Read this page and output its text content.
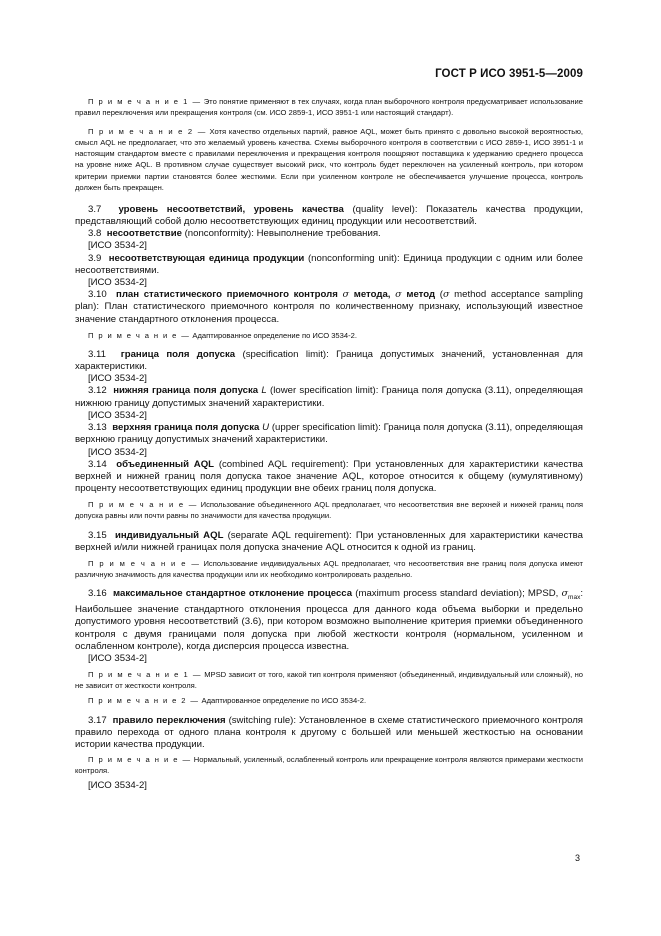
ГОСТ Р ИСО 3951-5—2009

П р и м е ч а н и е 1 — Это понятие применяют в тех случаях, когда план выборочного контроля предусматривает использование правил переключения или прекращения контроля (см. ИСО 2859-1, ИСО 3951-1 или настоящий стандарт).

П р и м е ч а н и е 2 — Хотя качество отдельных партий, равное AQL, может быть принято с довольно высокой вероятностью, смысл AQL не предполагает, что это желаемый уровень качества. Схемы выборочного контроля в соответствии с ИСО 2859-1, ИСО 3951-1 и настоящим стандартом вместе с правилами переключения и прекращения контроля поощряют поставщика к удержанию среднего процесса на уровне ниже AQL. В противном случае существует высокий риск, что контроль будет переключен на усиленный контроль, при котором критерии приемки партии становятся более жесткими. Если при усиленном контроле не обеспечивается улучшение процесса, контроль должен быть прекращен.

3.7 уровень несоответствий, уровень качества (quality level): Показатель качества продукции, представляющий собой долю несоответствующих единиц продукции или несоответствий.

3.8 несоответствие (nonconformity): Невыполнение требования.

[ИСО 3534-2]

3.9 несоответствующая единица продукции (nonconforming unit): Единица продукции с одним или более несоответствиями.

[ИСО 3534-2]

3.10 план статистического приемочного контроля σ метода, σ метод (σ method acceptance sampling plan): План статистического приемочного контроля по количественному признаку, использующий известное значение стандартного отклонения процесса.

П р и м е ч а н и е — Адаптированное определение по ИСО 3534-2.

3.11 граница поля допуска (specification limit): Граница допустимых значений, установленная для характеристики.

[ИСО 3534-2]

3.12 нижняя граница поля допуска L (lower specification limit): Граница поля допуска (3.11), определяющая нижнюю границу допустимых значений характеристики.

[ИСО 3534-2]

3.13 верхняя граница поля допуска U (upper specification limit): Граница поля допуска (3.11), определяющая верхнюю границу допустимых значений характеристики.

[ИСО 3534-2]

3.14 объединенный AQL (combined AQL requirement): При установленных для характеристики качества верхней и нижней границ поля допуска такое значение AQL, которое относится к общему (кумулятивному) проценту несоответствующих единиц продукции вне обеих границ поля допуска.

П р и м е ч а н и е — Использование объединенного AQL предполагает, что несоответствия вне верхней и нижней границ поля допуска равны или почти равны по значимости для качества продукции.

3.15 индивидуальный AQL (separate AQL requirement): При установленных для характеристики качества верхней и/или нижней границах поля допуска значение AQL относится к одной из границ.

П р и м е ч а н и е — Использование индивидуальных AQL предполагает, что несоответствия вне границ поля допуска имеют различную значимость для качества продукции или их необходимо контролировать раздельно.

3.16 максимальное стандартное отклонение процесса (maximum process standard deviation); MPSD, $\sigma_{max}$: Наибольшее значение стандартного отклонения процесса для данного кода объема выборки и предельно допустимого уровня несоответствий (3.6), при котором возможно выполнение критерия приемки объединенного контроля с двумя границами поля допуска при любой жесткости контроля (нормальном, усиленном и ослабленном контроле), когда дисперсия процесса известна.

[ИСО 3534-2]

П р и м е ч а н и е 1 — MPSD зависит от того, какой тип контроля применяют (объединенный, индивидуальный или сложный), но не зависит от жесткости контроля.

П р и м е ч а н и е 2 — Адаптированное определение по ИСО 3534-2.

3.17 правило переключения (switching rule): Установленное в схеме статистического приемочного контроля правило перехода от одного плана контроля к другому с большей или меньшей жесткостью на основании истории качества продукции.

П р и м е ч а н и е — Нормальный, усиленный, ослабленный контроль или прекращение контроля являются примерами жесткости контроля.

[ИСО 3534-2]

3
